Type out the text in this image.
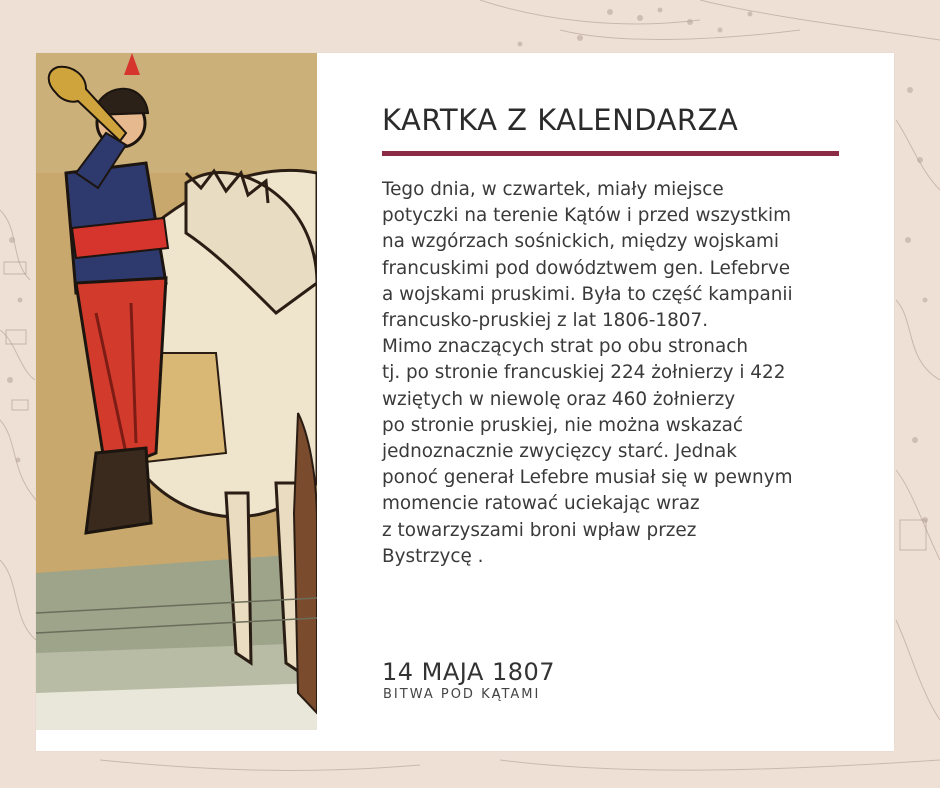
KARTKA Z KALENDARZA

Tego dnia, w czwartek, miały miejsce
potyczki na terenie Kątów i przed wszystkim
na wzgórzach sośnickich, między wojskami
francuskimi pod dowództwem gen. Lefebrve
a wojskami pruskimi. Była to część kampanii
francusko-pruskiej z lat 1806-1807.
Mimo znaczących strat po obu stronach
tj. po stronie francuskiej 224 żołnierzy i 422
wziętych w niewolę oraz 460 żołnierzy
po stronie pruskiej, nie można wskazać
jednoznacznie zwycięzcy starć. Jednak
ponoć generał Lefebre musiał się w pewnym
momencie ratować uciekając wraz
z towarzyszami broni wpław przez
Bystrzycę .

14 MAJA 1807
BITWA POD KĄTAMI
